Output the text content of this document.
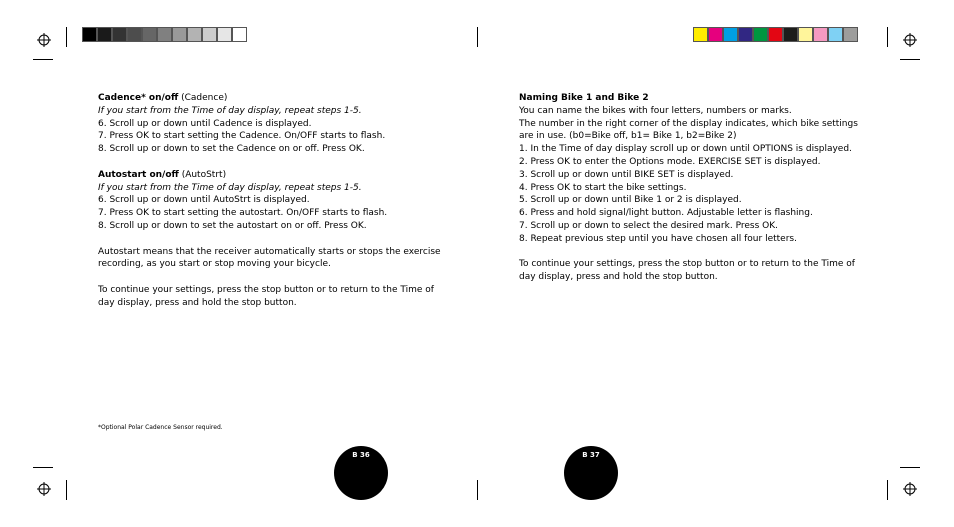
Cadence* on/off (Cadence)

If you start from the Time of day display, repeat steps 1-5.

6. Scroll up or down until Cadence is displayed.

7. Press OK to start setting the Cadence. On/OFF starts to flash.

8. Scroll up or down to set the Cadence on or off. Press OK.

Autostart on/off (AutoStrt)

If you start from the Time of day display, repeat steps 1-5.

6. Scroll up or down until AutoStrt is displayed.

7. Press OK to start setting the autostart. On/OFF starts to flash.

8. Scroll up or down to set the autostart on or off. Press OK.

Autostart means that the receiver automatically starts or stops the exercise

recording, as you start or stop moving your bicycle.

To continue your settings, press the stop button or to return to the Time of

day display, press and hold the stop button.

*Optional Polar Cadence Sensor required.
B 36

Naming Bike 1 and Bike 2

You can name the bikes with four letters, numbers or marks.

The number in the right corner of the display indicates, which bike settings

are in use. (b0=Bike off, b1= Bike 1, b2=Bike 2)

1. In the Time of day display scroll up or down until OPTIONS is displayed.

2. Press OK to enter the Options mode. EXERCISE SET is displayed.

3. Scroll up or down until BIKE SET is displayed.

4. Press OK to start the bike settings.

5. Scroll up or down until Bike 1 or 2 is displayed.

6. Press and hold signal/light button. Adjustable letter is flashing.

7. Scroll up or down to select the desired mark. Press OK.

8. Repeat previous step until you have chosen all four letters.

To continue your settings, press the stop button or to return to the Time of

day display, press and hold the stop button.

B 37
